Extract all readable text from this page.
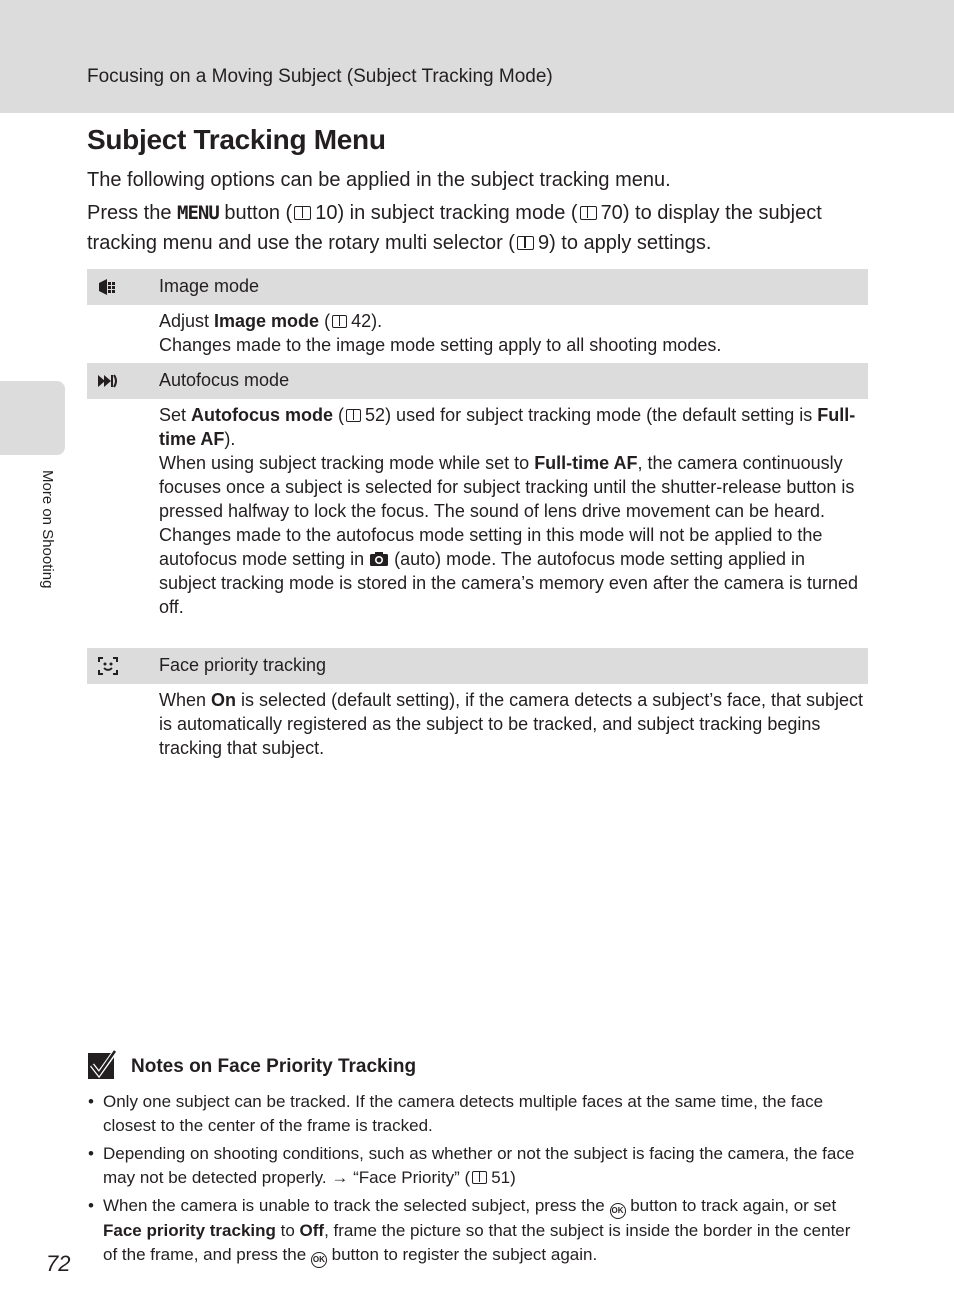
Focusing on a Moving Subject (Subject Tracking Mode)
More on Shooting
Subject Tracking Menu

The following options can be applied in the subject tracking menu.

Press the MENU button ( 10) in subject tracking mode ( 70) to display the subject tracking menu and use the rotary multi selector ( 9) to apply settings.

Image mode

Adjust Image mode ( 42).

Changes made to the image mode setting apply to all shooting modes.

Autofocus mode

Set Autofocus mode ( 52) used for subject tracking mode (the default setting is Full-time AF).

When using subject tracking mode while set to Full-time AF, the camera continuously focuses once a subject is selected for subject tracking until the shutter-release button is pressed halfway to lock the focus. The sound of lens drive movement can be heard.

Changes made to the autofocus mode setting in this mode will not be applied to the autofocus mode setting in  (auto) mode. The autofocus mode setting applied in subject tracking mode is stored in the camera’s memory even after the camera is turned off.

Face priority tracking

When On is selected (default setting), if the camera detects a subject’s face, that subject is automatically registered as the subject to be tracked, and subject tracking begins tracking that subject.

Notes on Face Priority Tracking
• Only one subject can be tracked. If the camera detects multiple faces at the same time, the face closest to the center of the frame is tracked.
• Depending on shooting conditions, such as whether or not the subject is facing the camera, the face may not be detected properly. → “Face Priority” ( 51)
• When the camera is unable to track the selected subject, press the OK button to track again, or set Face priority tracking to Off, frame the picture so that the subject is inside the border in the center of the frame, and press the OK button to register the subject again.
72
